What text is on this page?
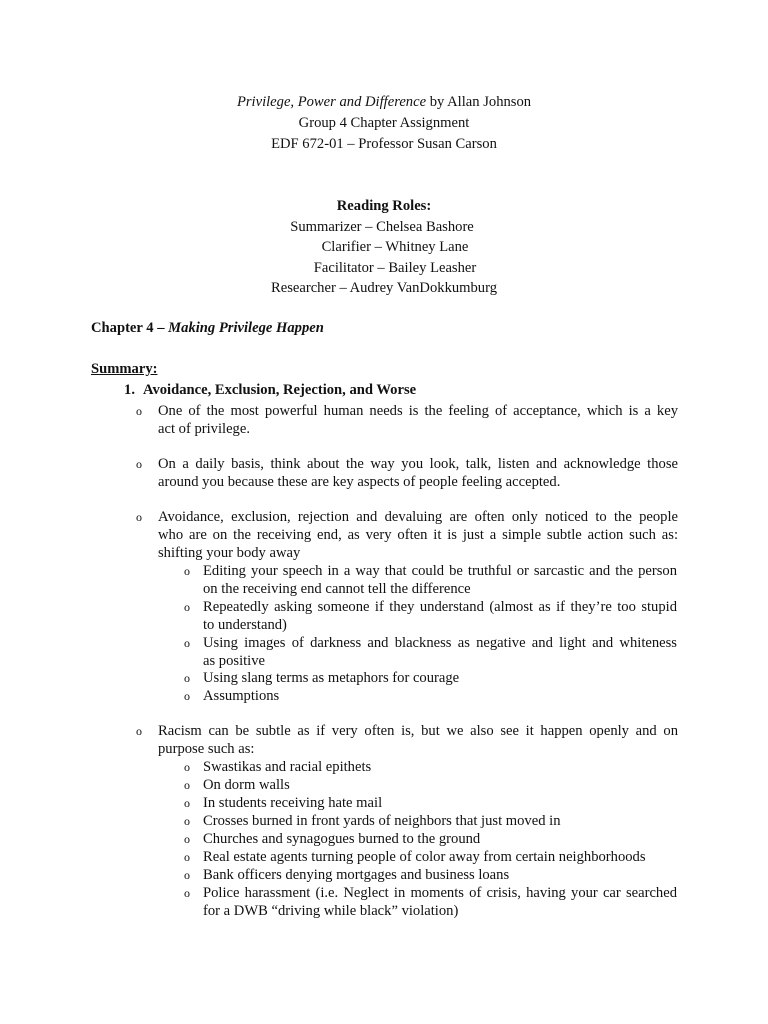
Privilege, Power and Difference by Allan Johnson
Group 4 Chapter Assignment
EDF 672-01 – Professor Susan Carson
Reading Roles:
Summarizer – Chelsea Bashore
Clarifier – Whitney Lane
Facilitator – Bailey Leasher
Researcher – Audrey VanDokkumburg
Chapter 4 – Making Privilege Happen
Summary:
1. Avoidance, Exclusion, Rejection, and Worse
o One of the most powerful human needs is the feeling of acceptance, which is a key
act of privilege.
o On a daily basis, think about the way you look, talk, listen and acknowledge those
around you because these are key aspects of people feeling accepted.
o Avoidance, exclusion, rejection and devaluing are often only noticed to the people
who are on the receiving end, as very often it is just a simple subtle action such as:
shifting your body away
o Editing your speech in a way that could be truthful or sarcastic and the person
on the receiving end cannot tell the difference
o Repeatedly asking someone if they understand (almost as if they’re too stupid
to understand)
o Using images of darkness and blackness as negative and light and whiteness
as positive
o Using slang terms as metaphors for courage
o Assumptions
o Racism can be subtle as if very often is, but we also see it happen openly and on
purpose such as:
o Swastikas and racial epithets
o On dorm walls
o In students receiving hate mail
o Crosses burned in front yards of neighbors that just moved in
o Churches and synagogues burned to the ground
o Real estate agents turning people of color away from certain neighborhoods
o Bank officers denying mortgages and business loans
o Police harassment (i.e. Neglect in moments of crisis, having your car searched
for a DWB “driving while black” violation)
